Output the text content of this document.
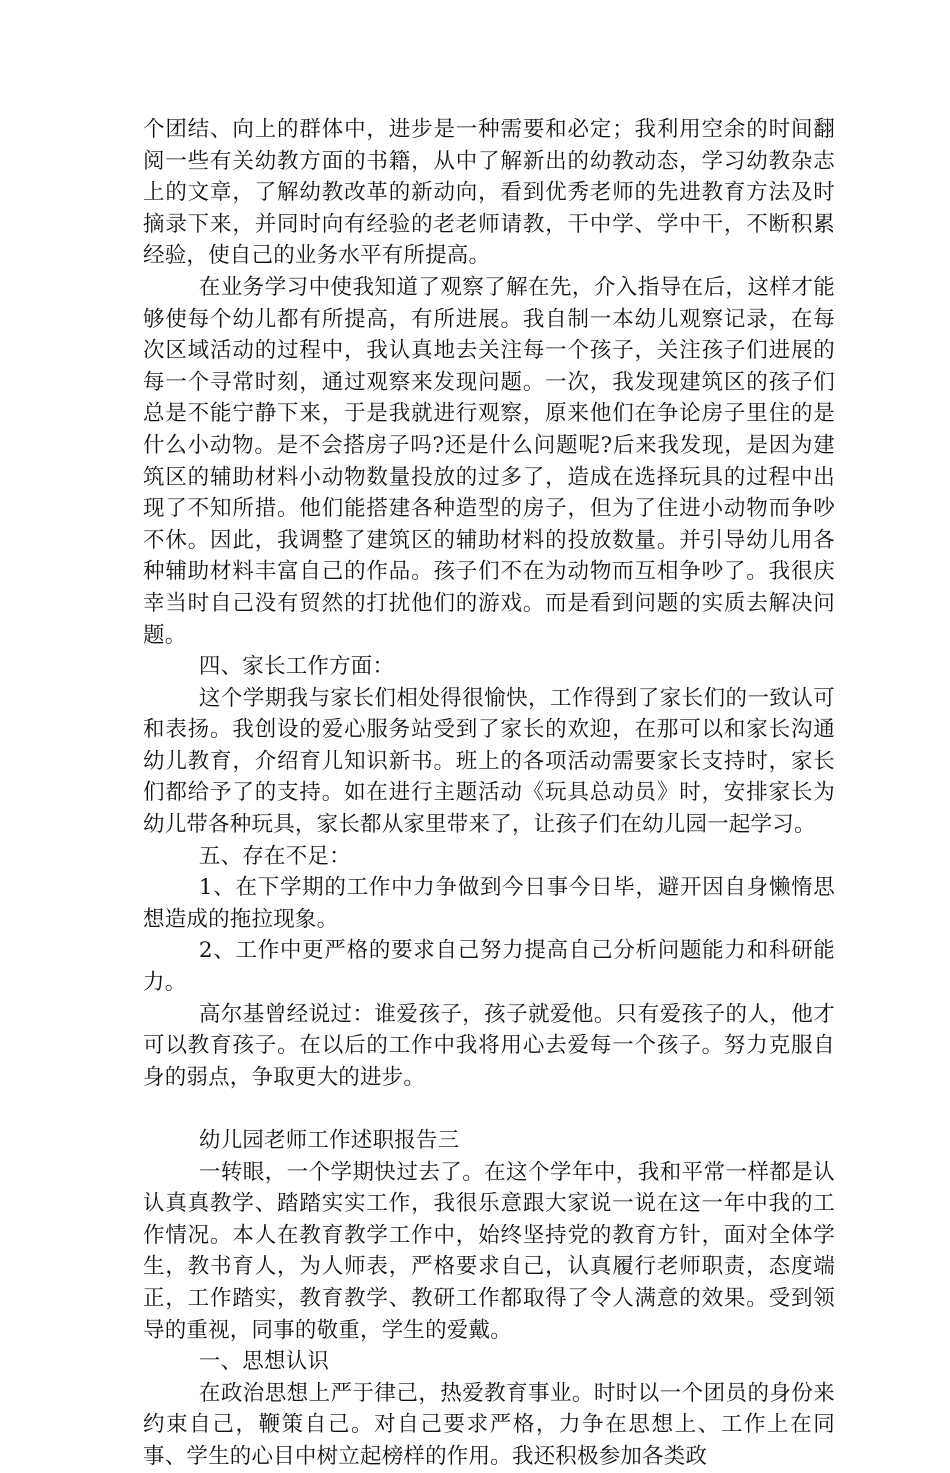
个团结、向上的群体中，进步是一种需要和必定；我利用空余的时间翻阅一些有关幼教方面的书籍，从中了解新出的幼教动态，学习幼教杂志上的文章，了解幼教改革的新动向，看到优秀老师的先进教育方法及时摘录下来，并同时向有经验的老老师请教，干中学、学中干，不断积累经验，使自己的业务水平有所提高。

在业务学习中使我知道了观察了解在先，介入指导在后，这样才能够使每个幼儿都有所提高，有所进展。我自制一本幼儿观察记录，在每次区域活动的过程中，我认真地去关注每一个孩子，关注孩子们进展的每一个寻常时刻，通过观察来发现问题。一次，我发现建筑区的孩子们总是不能宁静下来，于是我就进行观察，原来他们在争论房子里住的是什么小动物。是不会搭房子吗?还是什么问题呢?后来我发现，是因为建筑区的辅助材料小动物数量投放的过多了，造成在选择玩具的过程中出现了不知所措。他们能搭建各种造型的房子，但为了住进小动物而争吵不休。因此，我调整了建筑区的辅助材料的投放数量。并引导幼儿用各种辅助材料丰富自己的作品。孩子们不在为动物而互相争吵了。我很庆幸当时自己没有贸然的打扰他们的游戏。而是看到问题的实质去解决问题。

四、家长工作方面：

这个学期我与家长们相处得很愉快，工作得到了家长们的一致认可和表扬。我创设的爱心服务站受到了家长的欢迎，在那可以和家长沟通幼儿教育，介绍育儿知识新书。班上的各项活动需要家长支持时，家长们都给予了的支持。如在进行主题活动《玩具总动员》时，安排家长为幼儿带各种玩具，家长都从家里带来了，让孩子们在幼儿园一起学习。

五、存在不足：

1、在下学期的工作中力争做到今日事今日毕，避开因自身懒惰思想造成的拖拉现象。

2、工作中更严格的要求自己努力提高自己分析问题能力和科研能力。

高尔基曾经说过：谁爱孩子，孩子就爱他。只有爱孩子的人，他才可以教育孩子。在以后的工作中我将用心去爱每一个孩子。努力克服自身的弱点，争取更大的进步。

幼儿园老师工作述职报告三

一转眼，一个学期快过去了。在这个学年中，我和平常一样都是认认真真教学、踏踏实实工作，我很乐意跟大家说一说在这一年中我的工作情况。本人在教育教学工作中，始终坚持党的教育方针，面对全体学生，教书育人，为人师表，严格要求自己，认真履行老师职责，态度端正，工作踏实，教育教学、教研工作都取得了令人满意的效果。受到领导的重视，同事的敬重，学生的爱戴。

一、思想认识

在政治思想上严于律己，热爱教育事业。时时以一个团员的身份来约束自己，鞭策自己。对自己要求严格，力争在思想上、工作上在同事、学生的心目中树立起榜样的作用。我还积极参加各类政
